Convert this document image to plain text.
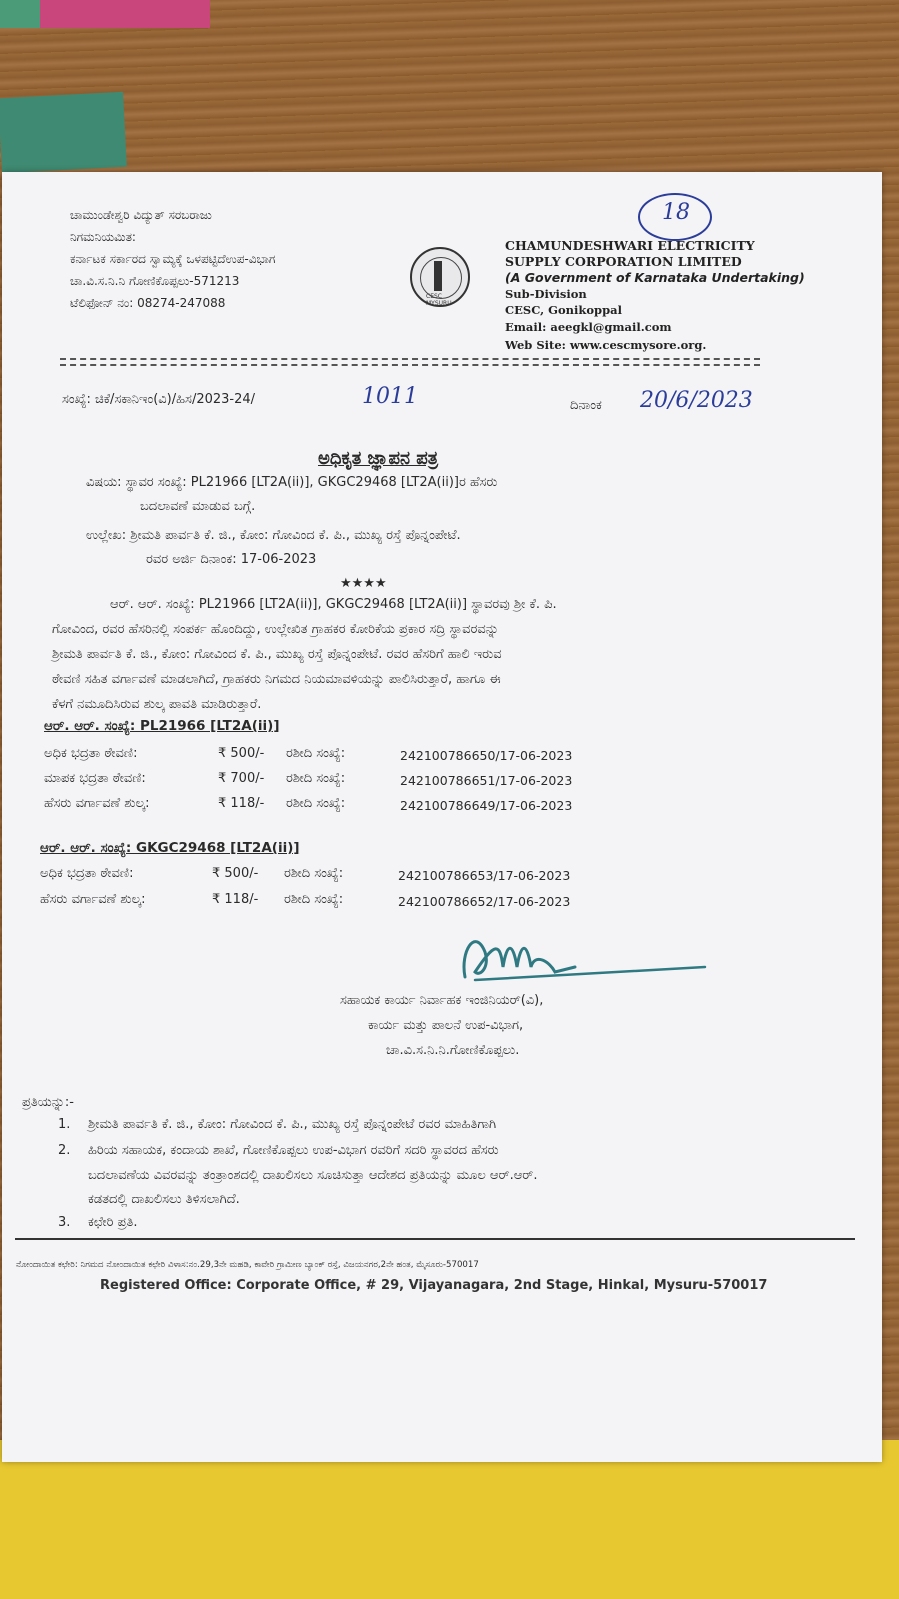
ಚಾಮುಂಡೇಶ್ವರಿ ವಿದ್ಯುತ್ ಸರಬರಾಜು
ನಿಗಮನಿಯಮಿತ:
ಕರ್ನಾಟಕ ಸರ್ಕಾರದ ಸ್ವಾಮ್ಯಕ್ಕೆ ಒಳಪಟ್ಟಿದೆಉಪ-ವಿಭಾಗ
ಚಾ.ವಿ.ಸ.ನಿ.ನಿ ಗೋಣಿಕೊಪ್ಪಲು-571213
ಟೆಲಿಫೋನ್ ನಂ: 08274-247088	CESC MYSURU
CHAMUNDESHWARI ELECTRICITY
SUPPLY CORPORATION LIMITED
(A Government of Karnataka Undertaking)
Sub-Division
CESC, Gonikoppal
Email: aeegkl@gmail.com
Web Site: www.cescmysore.org.
18
ಸಂಖ್ಯೆ: ಚಿಕೆ/ಸಕಾನಿಇಂ(ವಿ)/ಹಿಸ/2023-24/	1011	ದಿನಾಂಕ 20/6/2023
ಅಧಿಕೃತ ಜ್ಞಾಪನ ಪತ್ರ
ವಿಷಯ: ಸ್ಥಾವರ ಸಂಖ್ಯೆ: PL21966 [LT2A(ii)], GKGC29468 [LT2A(ii)]ರ ಹೆಸರು
ಬದಲಾವಣೆ ಮಾಡುವ ಬಗ್ಗೆ.
ಉಲ್ಲೇಖ: ಶ್ರೀಮತಿ ಪಾರ್ವತಿ ಕೆ. ಜಿ., ಕೋಂ: ಗೋವಿಂದ ಕೆ. ಪಿ., ಮುಖ್ಯ ರಸ್ತೆ ಪೊನ್ನಂಪೇಟೆ.
ರವರ ಅರ್ಜಿ ದಿನಾಂಕ: 17-06-2023
★★★★
ಆರ್. ಆರ್. ಸಂಖ್ಯೆ: PL21966 [LT2A(ii)], GKGC29468 [LT2A(ii)] ಸ್ಥಾವರವು ಶ್ರೀ ಕೆ. ಪಿ.
ಗೋವಿಂದ, ರವರ ಹೆಸರಿನಲ್ಲಿ ಸಂಪರ್ಕ ಹೊಂದಿದ್ದು, ಉಲ್ಲೇಖಿತ ಗ್ರಾಹಕರ ಕೋರಿಕೆಯ ಪ್ರಕಾರ ಸದ್ರಿ ಸ್ಥಾವರವನ್ನು
ಶ್ರೀಮತಿ ಪಾರ್ವತಿ ಕೆ. ಜಿ., ಕೋಂ: ಗೋವಿಂದ ಕೆ. ಪಿ., ಮುಖ್ಯ ರಸ್ತೆ ಪೊನ್ನಂಪೇಟೆ. ರವರ ಹೆಸರಿಗೆ ಹಾಲಿ ಇರುವ
ಠೇವಣಿ ಸಹಿತ ವರ್ಗಾವಣೆ ಮಾಡಲಾಗಿದೆ, ಗ್ರಾಹಕರು ನಿಗಮದ ನಿಯಮಾವಳಿಯನ್ನು ಪಾಲಿಸಿರುತ್ತಾರೆ, ಹಾಗೂ ಈ
ಕೆಳಗೆ ನಮೂದಿಸಿರುವ ಶುಲ್ಕ ಪಾವತಿ ಮಾಡಿರುತ್ತಾರೆ.
ಆರ್. ಆರ್. ಸಂಖ್ಯೆ: PL21966 [LT2A(ii)]
ಅಧಿಕ ಭದ್ರತಾ ಠೇವಣಿ:	₹ 500/- ರಶೀದಿ ಸಂಖ್ಯೆ:	242100786650/17-06-2023
ಮಾಪಕ ಭದ್ರತಾ ಠೇವಣಿ:	₹ 700/- ರಶೀದಿ ಸಂಖ್ಯೆ:	242100786651/17-06-2023
ಹೆಸರು ವರ್ಗಾವಣೆ ಶುಲ್ಕ:	₹ 118/- ರಶೀದಿ ಸಂಖ್ಯೆ:	242100786649/17-06-2023
ಆರ್. ಆರ್. ಸಂಖ್ಯೆ: GKGC29468 [LT2A(ii)]
ಅಧಿಕ ಭದ್ರತಾ ಠೇವಣಿ:	₹ 500/- ರಶೀದಿ ಸಂಖ್ಯೆ:	242100786653/17-06-2023
ಹೆಸರು ವರ್ಗಾವಣೆ ಶುಲ್ಕ:	₹ 118/- ರಶೀದಿ ಸಂಖ್ಯೆ:	242100786652/17-06-2023
ಸಹಾಯಕ ಕಾರ್ಯ ನಿರ್ವಾಹಕ ಇಂಜಿನಿಯರ್(ವಿ),
ಕಾರ್ಯ ಮತ್ತು ಪಾಲನೆ ಉಪ-ವಿಭಾಗ,
ಚಾ.ವಿ.ಸ.ನಿ.ನಿ.ಗೋಣಿಕೊಪ್ಪಲು.
ಪ್ರತಿಯನ್ನು:-
1. ಶ್ರೀಮತಿ ಪಾರ್ವತಿ ಕೆ. ಜಿ., ಕೋಂ: ಗೋವಿಂದ ಕೆ. ಪಿ., ಮುಖ್ಯ ರಸ್ತೆ ಪೊನ್ನಂಪೇಟೆ ರವರ ಮಾಹಿತಿಗಾಗಿ
2. ಹಿರಿಯ ಸಹಾಯಕ, ಕಂದಾಯ ಶಾಖೆ, ಗೋಣಿಕೊಪ್ಪಲು ಉಪ-ವಿಭಾಗ ರವರಿಗೆ ಸದರಿ ಸ್ಥಾವರದ ಹೆಸರು
ಬದಲಾವಣೆಯ ವಿವರವನ್ನು ತಂತ್ರಾಂಶದಲ್ಲಿ ದಾಖಲಿಸಲು ಸೂಚಿಸುತ್ತಾ ಆದೇಶದ ಪ್ರತಿಯನ್ನು ಮೂಲ ಆರ್.ಆರ್.
ಕಡತದಲ್ಲಿ ದಾಖಲಿಸಲು ತಿಳಿಸಲಾಗಿದೆ.
3. ಕಛೇರಿ ಪ್ರತಿ.
ನೋಂದಾಯಿತ ಕಛೇರಿ: ನಿಗಮದ ನೋಂದಾಯಿತ ಕಛೇರಿ ವಿಳಾಸ:ನಂ.29,3ನೇ ಮಹಡಿ, ಕಾವೇರಿ ಗ್ರಾಮೀಣ ಬ್ಯಾಂಕ್ ರಸ್ತೆ, ವಿಜಯನಗರ,2ನೇ ಹಂತ, ಮೈಸೂರು-570017
Registered Office: Corporate Office, # 29, Vijayanagara, 2nd Stage, Hinkal, Mysuru-570017
